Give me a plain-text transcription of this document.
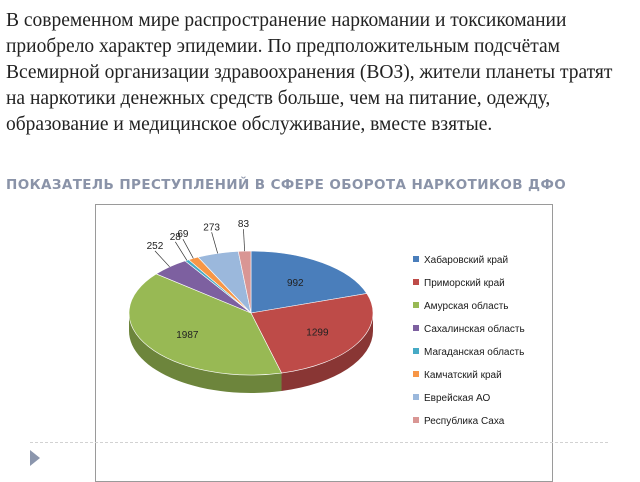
В современном мире распространение наркомании и токсикомании приобрело характер эпидемии. По предположительным подсчётам Всемирной организации здравоохранения (ВОЗ), жители планеты тратят на наркотики денежных средств больше, чем на питание, одежду, образование и медицинское обслуживание, вместе взятые.

ПОКАЗАТЕЛЬ ПРЕСТУПЛЕНИЙ В СФЕРЕ ОБОРОТА НАРКОТИКОВ ДФО
992
1299
1987
252
28
69
273 83
Хабаровский край
Приморский край
Амурская область
Сахалинская область
Магаданская область
Камчатский край
Еврейская АО
Республика Саха
